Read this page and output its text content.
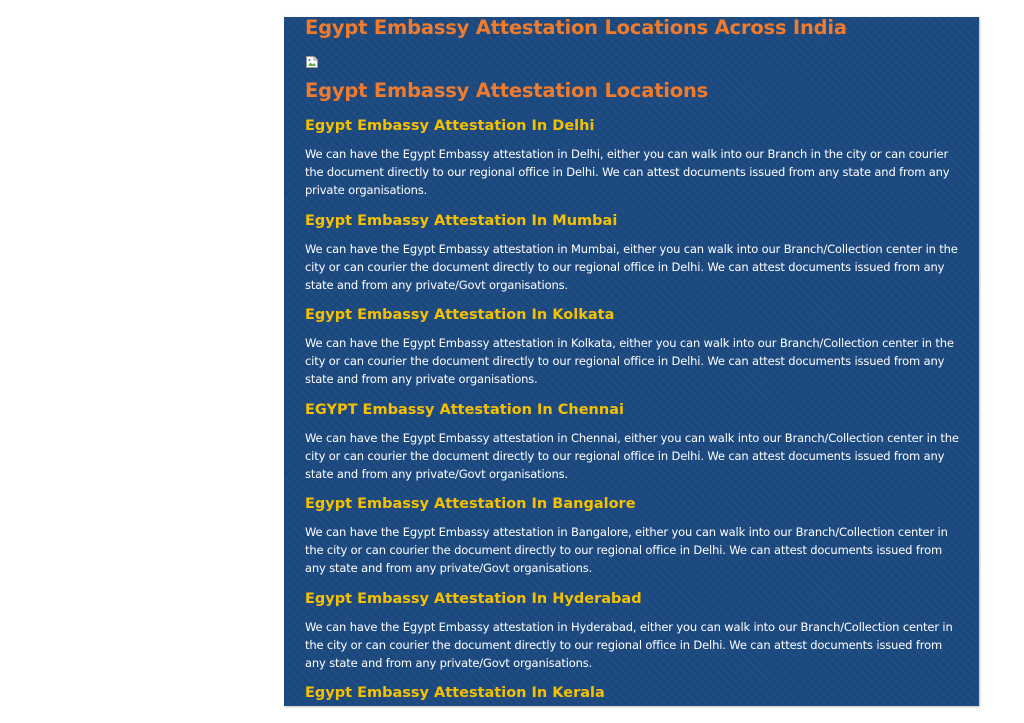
Egypt Embassy Attestation Locations Across India
Egypt Embassy Attestation Locations
Egypt Embassy Attestation In Delhi

We can have the Egypt Embassy attestation in Delhi, either you can walk into our Branch in the city or can courier the document directly to our regional office in Delhi. We can attest documents issued from any state and from any private organisations.

Egypt Embassy Attestation In Mumbai

We can have the Egypt Embassy attestation in Mumbai, either you can walk into our Branch/Collection center in the city or can courier the document directly to our regional office in Delhi. We can attest documents issued from any state and from any private/Govt organisations.

Egypt Embassy Attestation In Kolkata

We can have the Egypt Embassy attestation in Kolkata, either you can walk into our Branch/Collection center in the city or can courier the document directly to our regional office in Delhi. We can attest documents issued from any state and from any private organisations.

EGYPT Embassy Attestation In Chennai

We can have the Egypt Embassy attestation in Chennai, either you can walk into our Branch/Collection center in the city or can courier the document directly to our regional office in Delhi. We can attest documents issued from any state and from any private/Govt organisations.

Egypt Embassy Attestation In Bangalore

We can have the Egypt Embassy attestation in Bangalore, either you can walk into our Branch/Collection center in the city or can courier the document directly to our regional office in Delhi. We can attest documents issued from any state and from any private/Govt organisations.

Egypt Embassy Attestation In Hyderabad

We can have the Egypt Embassy attestation in Hyderabad, either you can walk into our Branch/Collection center in the city or can courier the document directly to our regional office in Delhi. We can attest documents issued from any state and from any private/Govt organisations.

Egypt Embassy Attestation In Kerala
